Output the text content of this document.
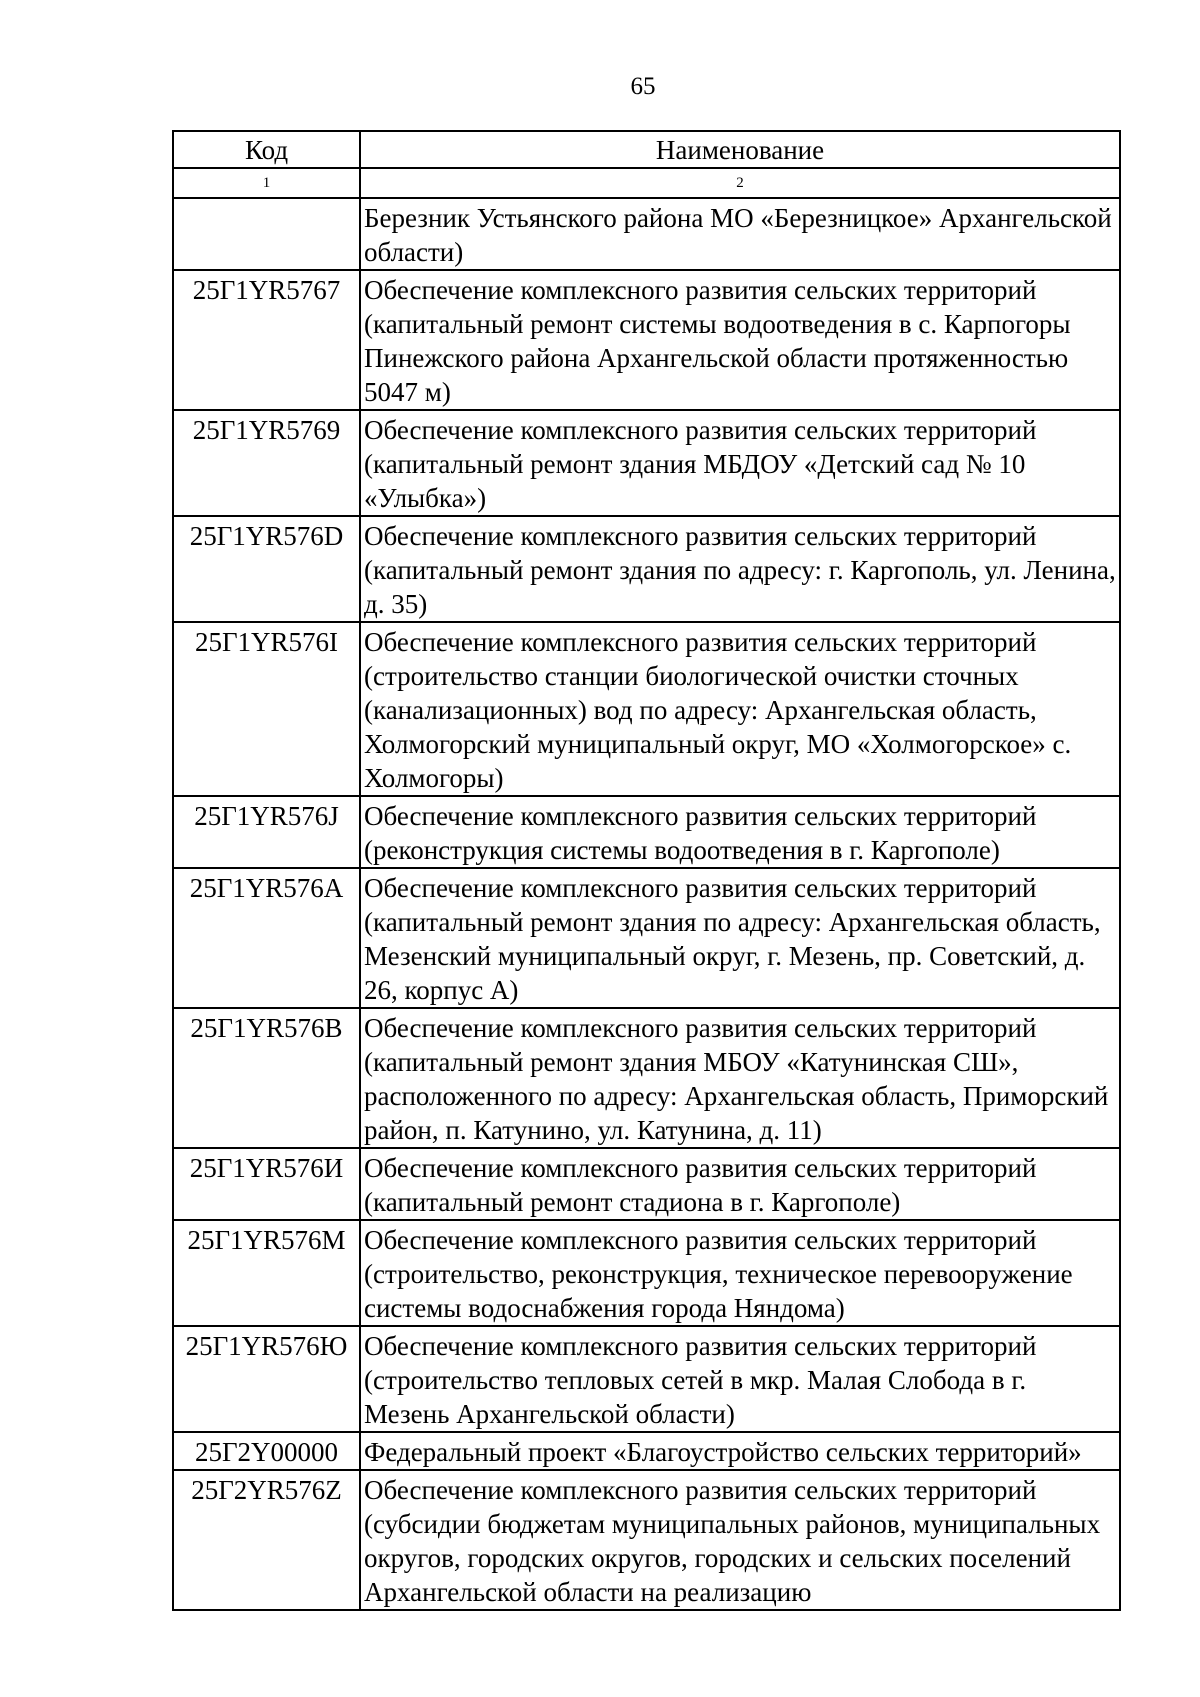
65
Код	Наименование
1	2
	Березник Устьянского района МО «Березницкое» Архангельской области)
25Г1YR5767	Обеспечение комплексного развития сельских территорий (капитальный ремонт системы водоотведения в с. Карпогоры Пинежского района Архангельской области протяженностью 5047 м)
25Г1YR5769	Обеспечение комплексного развития сельских территорий (капитальный ремонт здания МБДОУ «Детский сад № 10 «Улыбка»)
25Г1YR576D	Обеспечение комплексного развития сельских территорий (капитальный ремонт здания по адресу: г. Каргополь, ул. Ленина, д. 35)
25Г1YR576I	Обеспечение комплексного развития сельских территорий (строительство станции биологической очистки сточных (канализационных) вод по адресу: Архангельская область, Холмогорский муниципальный округ, МО «Холмогорское» с. Холмогоры)
25Г1YR576J	Обеспечение комплексного развития сельских территорий (реконструкция системы водоотведения в г. Каргополе)
25Г1YR576A	Обеспечение комплексного развития сельских территорий (капитальный ремонт здания по адресу: Архангельская область, Мезенский муниципальный округ, г. Мезень, пр. Советский, д. 26, корпус А)
25Г1YR576B	Обеспечение комплексного развития сельских территорий (капитальный ремонт здания МБОУ «Катунинская СШ», расположенного по адресу: Архангельская область, Приморский район, п. Катунино, ул. Катунина, д. 11)
25Г1YR576И	Обеспечение комплексного развития сельских территорий (капитальный ремонт стадиона в г. Каргополе)
25Г1YR576M	Обеспечение комплексного развития сельских территорий (строительство, реконструкция, техническое перевооружение системы водоснабжения города Няндома)
25Г1YR576Ю	Обеспечение комплексного развития сельских территорий (строительство тепловых сетей в мкр. Малая Слобода в г. Мезень Архангельской области)
25Г2Y00000	Федеральный проект «Благоустройство сельских территорий»
25Г2YR576Z	Обеспечение комплексного развития сельских территорий (субсидии бюджетам муниципальных районов, муниципальных округов, городских округов, городских и сельских поселений Архангельской области на реализацию
